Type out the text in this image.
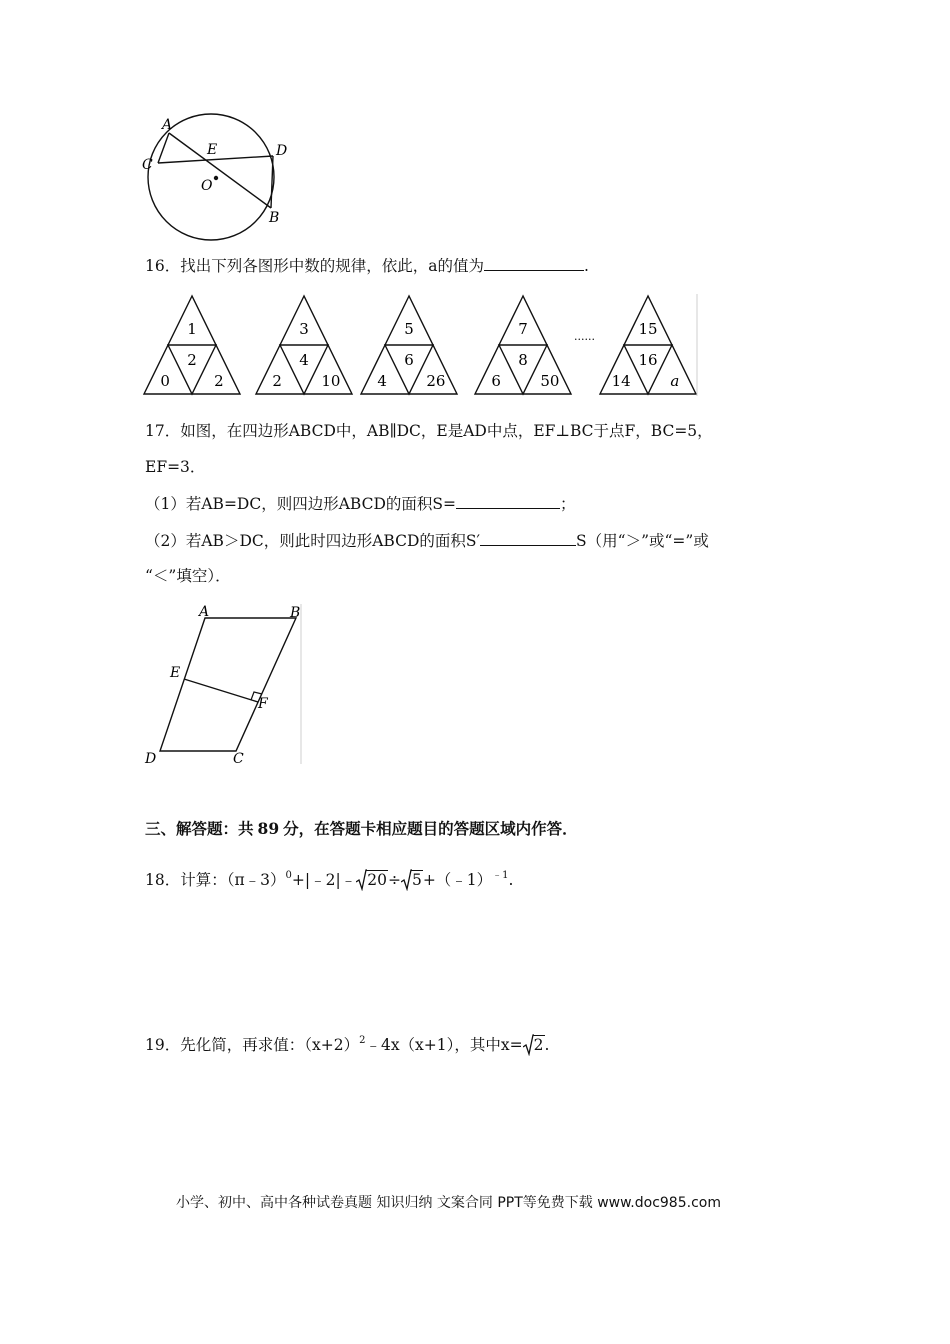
A
C
E	D
O
B
16．找出下列各图形中数的规律，依此，a的值为	.
1
2
0	2
3
4
2	10
5
6
4	26
7
8
6	50
15
16
14	a
......
17．如图，在四边形ABCD中，AB∥DC，E是AD中点，EF⊥BC于点F，BC=5，
EF=3．
（1）若AB=DC，则四边形ABCD的面积S=	；
（2）若AB＞DC，则此时四边形ABCD的面积S′	S（用“＞”或“=”或
“＜”填空）．
A	B
E
F
D	C
三、解答题：共 89 分，在答题卡相应题目的答题区域内作答．
18．计算：（π﹣3）$^0$+|﹣2|﹣ 20÷ 5+（﹣1）$^{﹣1}$.
19．先化简，再求值：$(x+2)^2﹣4x(x+1)$，其中x= 2.
小学、初中、高中各种试卷真题 知识归纳 文案合同 PPT等免费下载 www.doc985.com
